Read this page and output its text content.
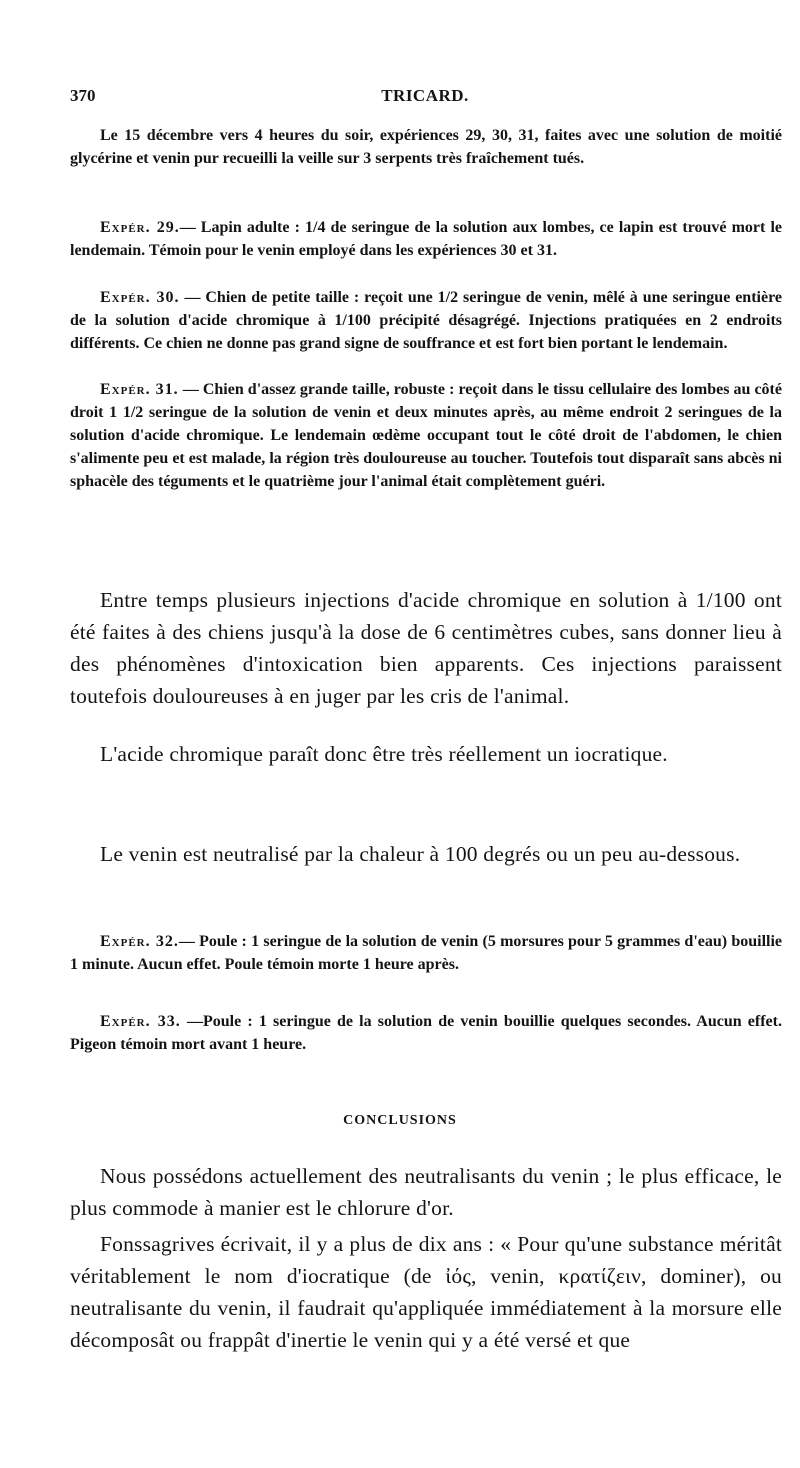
370	TRICARD.

Le 15 décembre vers 4 heures du soir, expériences 29, 30, 31, faites avec une solution de moitié glycérine et venin pur recueilli la veille sur 3 serpents très fraîchement tués.

Expér. 29.— Lapin adulte : 1/4 de seringue de la solution aux lombes, ce lapin est trouvé mort le lendemain. Témoin pour le venin employé dans les expériences 30 et 31.

Expér. 30. — Chien de petite taille : reçoit une 1/2 seringue de venin, mêlé à une seringue entière de la solution d'acide chromique à 1/100 précipité désagrégé. Injections pratiquées en 2 endroits différents. Ce chien ne donne pas grand signe de souffrance et est fort bien portant le lendemain.

Expér. 31. — Chien d'assez grande taille, robuste : reçoit dans le tissu cellulaire des lombes au côté droit 1 1/2 seringue de la solution de venin et deux minutes après, au même endroit 2 seringues de la solution d'acide chromique. Le lendemain œdème occupant tout le côté droit de l'abdomen, le chien s'alimente peu et est malade, la région très douloureuse au toucher. Toutefois tout disparaît sans abcès ni sphacèle des téguments et le quatrième jour l'animal était complètement guéri.

Entre temps plusieurs injections d'acide chromique en solution à 1/100 ont été faites à des chiens jusqu'à la dose de 6 centimètres cubes, sans donner lieu à des phénomènes d'intoxication bien apparents. Ces injections paraissent toutefois douloureuses à en juger par les cris de l'animal.

L'acide chromique paraît donc être très réellement un iocratique.

Le venin est neutralisé par la chaleur à 100 degrés ou un peu au-dessous.

Expér. 32.— Poule : 1 seringue de la solution de venin (5 morsures pour 5 grammes d'eau) bouillie 1 minute. Aucun effet. Poule témoin morte 1 heure après.

Expér. 33. —Poule : 1 seringue de la solution de venin bouillie quelques secondes. Aucun effet. Pigeon témoin mort avant 1 heure.

CONCLUSIONS

Nous possédons actuellement des neutralisants du venin ; le plus efficace, le plus commode à manier est le chlorure d'or.

Fonssagrives écrivait, il y a plus de dix ans : « Pour qu'une substance méritât véritablement le nom d'iocratique (de ἰός, venin, κρατίζειν, dominer), ou neutralisante du venin, il faudrait qu'appliquée immédiatement à la morsure elle décomposât ou frappât d'inertie le venin qui y a été versé et que
